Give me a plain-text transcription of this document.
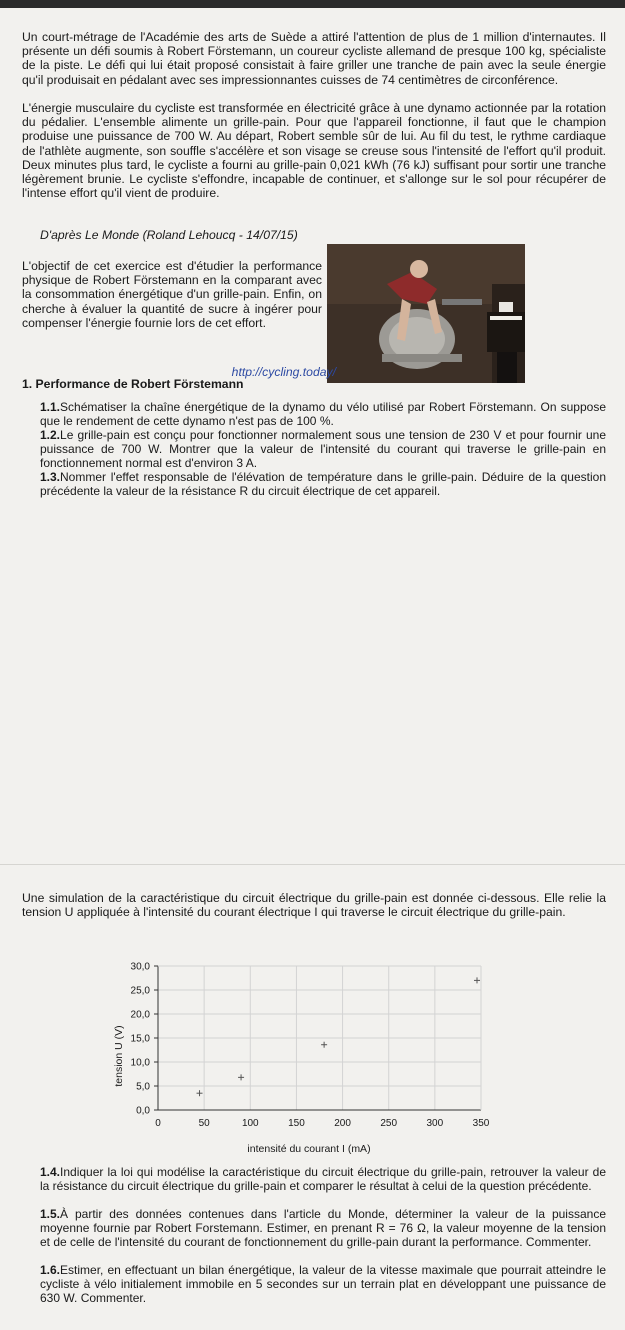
Un court-métrage de l'Académie des arts de Suède a attiré l'attention de plus de 1 million d'internautes. Il présente un défi soumis à Robert Förstemann, un coureur cycliste allemand de presque 100 kg, spécialiste de la piste. Le défi qui lui était proposé consistait à faire griller une tranche de pain avec la seule énergie qu'il produisait en pédalant avec ses impressionnantes cuisses de 74 centimètres de circonférence.
L'énergie musculaire du cycliste est transformée en électricité grâce à une dynamo actionnée par la rotation du pédalier. L'ensemble alimente un grille-pain. Pour que l'appareil fonctionne, il faut que le champion produise une puissance de 700 W. Au départ, Robert semble sûr de lui. Au fil du test, le rythme cardiaque de l'athlète augmente, son souffle s'accélère et son visage se creuse sous l'intensité de l'effort qu'il produit. Deux minutes plus tard, le cycliste a fourni au grille-pain 0,021 kWh (76 kJ) suffisant pour sortir une tranche légèrement brunie. Le cycliste s'effondre, incapable de continuer, et s'allonge sur le sol pour récupérer de l'intense effort qu'il vient de produire.
D'après Le Monde (Roland Lehoucq - 14/07/15)
L'objectif de cet exercice est d'étudier la performance physique de Robert Förstemann en la comparant avec la consommation énergétique d'un grille-pain. Enfin, on cherche à évaluer la quantité de sucre à ingérer pour compenser l'énergie fournie lors de cet effort.
http://cycling.today/
1. Performance de Robert Förstemann
1.1.Schématiser la chaîne énergétique de la dynamo du vélo utilisé par Robert Förstemann. On suppose que le rendement de cette dynamo n'est pas de 100 %.
1.2.Le grille-pain est conçu pour fonctionner normalement sous une tension de 230 V et pour fournir une puissance de 700 W. Montrer que la valeur de l'intensité du courant qui traverse le grille-pain en fonctionnement normal est d'environ 3 A.
1.3.Nommer l'effet responsable de l'élévation de température dans le grille-pain. Déduire de la question précédente la valeur de la résistance R du circuit électrique de cet appareil.
Une simulation de la caractéristique du circuit électrique du grille-pain est donnée ci-dessous. Elle relie la tension U appliquée à l'intensité du courant électrique I qui traverse le circuit électrique du grille-pain.
0	50	100	150	200	250	300	350
0,0
5,0
10,0
15,0
20,0
25,0
30,0
tension U (V)
intensité du courant I (mA)
1.4.Indiquer la loi qui modélise la caractéristique du circuit électrique du grille-pain, retrouver la valeur de la résistance du circuit électrique du grille-pain et comparer le résultat à celui de la question précédente.
1.5.À partir des données contenues dans l'article du Monde, déterminer la valeur de la puissance moyenne fournie par Robert Forstemann. Estimer, en prenant R = 76 Ω, la valeur moyenne de la tension et de celle de l'intensité du courant de fonctionnement du grille-pain durant la performance. Commenter.
1.6.Estimer, en effectuant un bilan énergétique, la valeur de la vitesse maximale que pourrait atteindre le cycliste à vélo initialement immobile en 5 secondes sur un terrain plat en développant une puissance de 630 W. Commenter.
